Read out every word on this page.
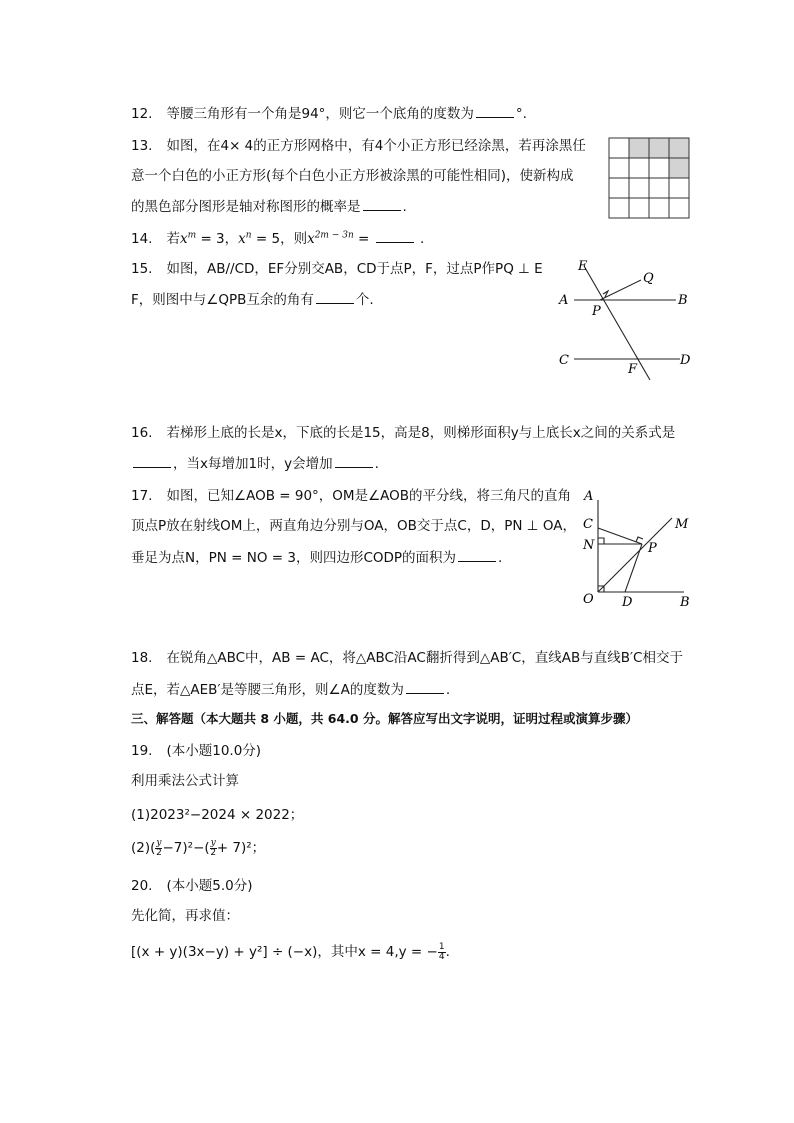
12. 等腰三角形有一个角是94°，则它一个底角的度数为	°.
13. 如图，在4× 4的正方形网格中，有4个小正方形已经涂黑，若再涂黑任
意一个白色的小正方形(每个白色小正方形被涂黑的可能性相同)，使新构成
的黑色部分图形是轴对称图形的概率是	.
14. 若$x^m = 3$，$x^n = 5$，则$x^{2m - 3n}$ =	.
15. 如图，AB//CD，EF分别交AB，CD于点P，F，过点P作PQ ⊥ E
F，则图中与∠QPB互余的角有	个.
E
Q
A
P
B
C
F
D
16. 若梯形上底的长是x，下底的长是15，高是8，则梯形面积y与上底长x之间的关系式是
，当x每增加1时，y会增加	.
17. 如图，已知∠AOB = 90°，OM是∠AOB的平分线，将三角尺的直角
顶点P放在射线OM上，两直角边分别与OA，OB交于点C，D，PN ⊥ OA，
垂足为点N，PN = NO = 3，则四边形CODP的面积为	.
A
C	M
N	P
O D	B
18. 在锐角△ABC中，AB = AC，将△ABC沿AC翻折得到△AB′C，直线AB与直线B′C相交于
点E，若△AEB′是等腰三角形，则∠A的度数为	.
三、解答题（本大题共 8 小题，共 64.0 分。解答应写出文字说明，证明过程或演算步骤）
19. (本小题10.0分)
利用乘法公式计算
(1)2023²−2024 × 2022；
$(2)( \frac{y}{2} -7)^2-( \frac{y}{2} + 7)^2$；
20. (本小题5.0分)
先化简，再求值：
[(x + y)(3x−y) + y²] ÷ (−x)，其中x = 4,y = − $\frac{1}{4}$ .
